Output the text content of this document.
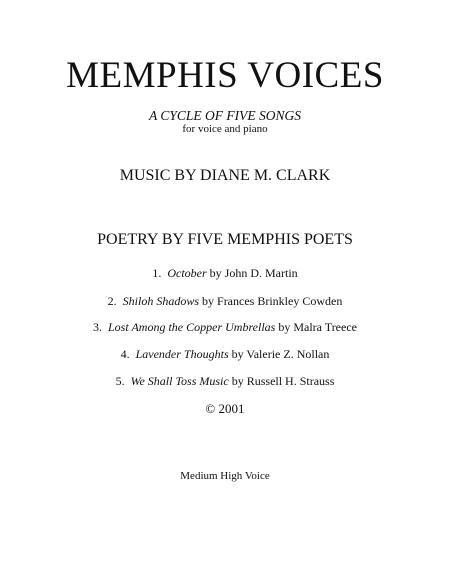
MEMPHIS VOICES
A CYCLE OF FIVE SONGS
for voice and piano
MUSIC BY DIANE M. CLARK
POETRY BY FIVE MEMPHIS POETS
1. October by John D. Martin
2. Shiloh Shadows by Frances Brinkley Cowden
3. Lost Among the Copper Umbrellas by Malra Treece
4. Lavender Thoughts by Valerie Z. Nollan
5. We Shall Toss Music by Russell H. Strauss
© 2001
Medium High Voice
